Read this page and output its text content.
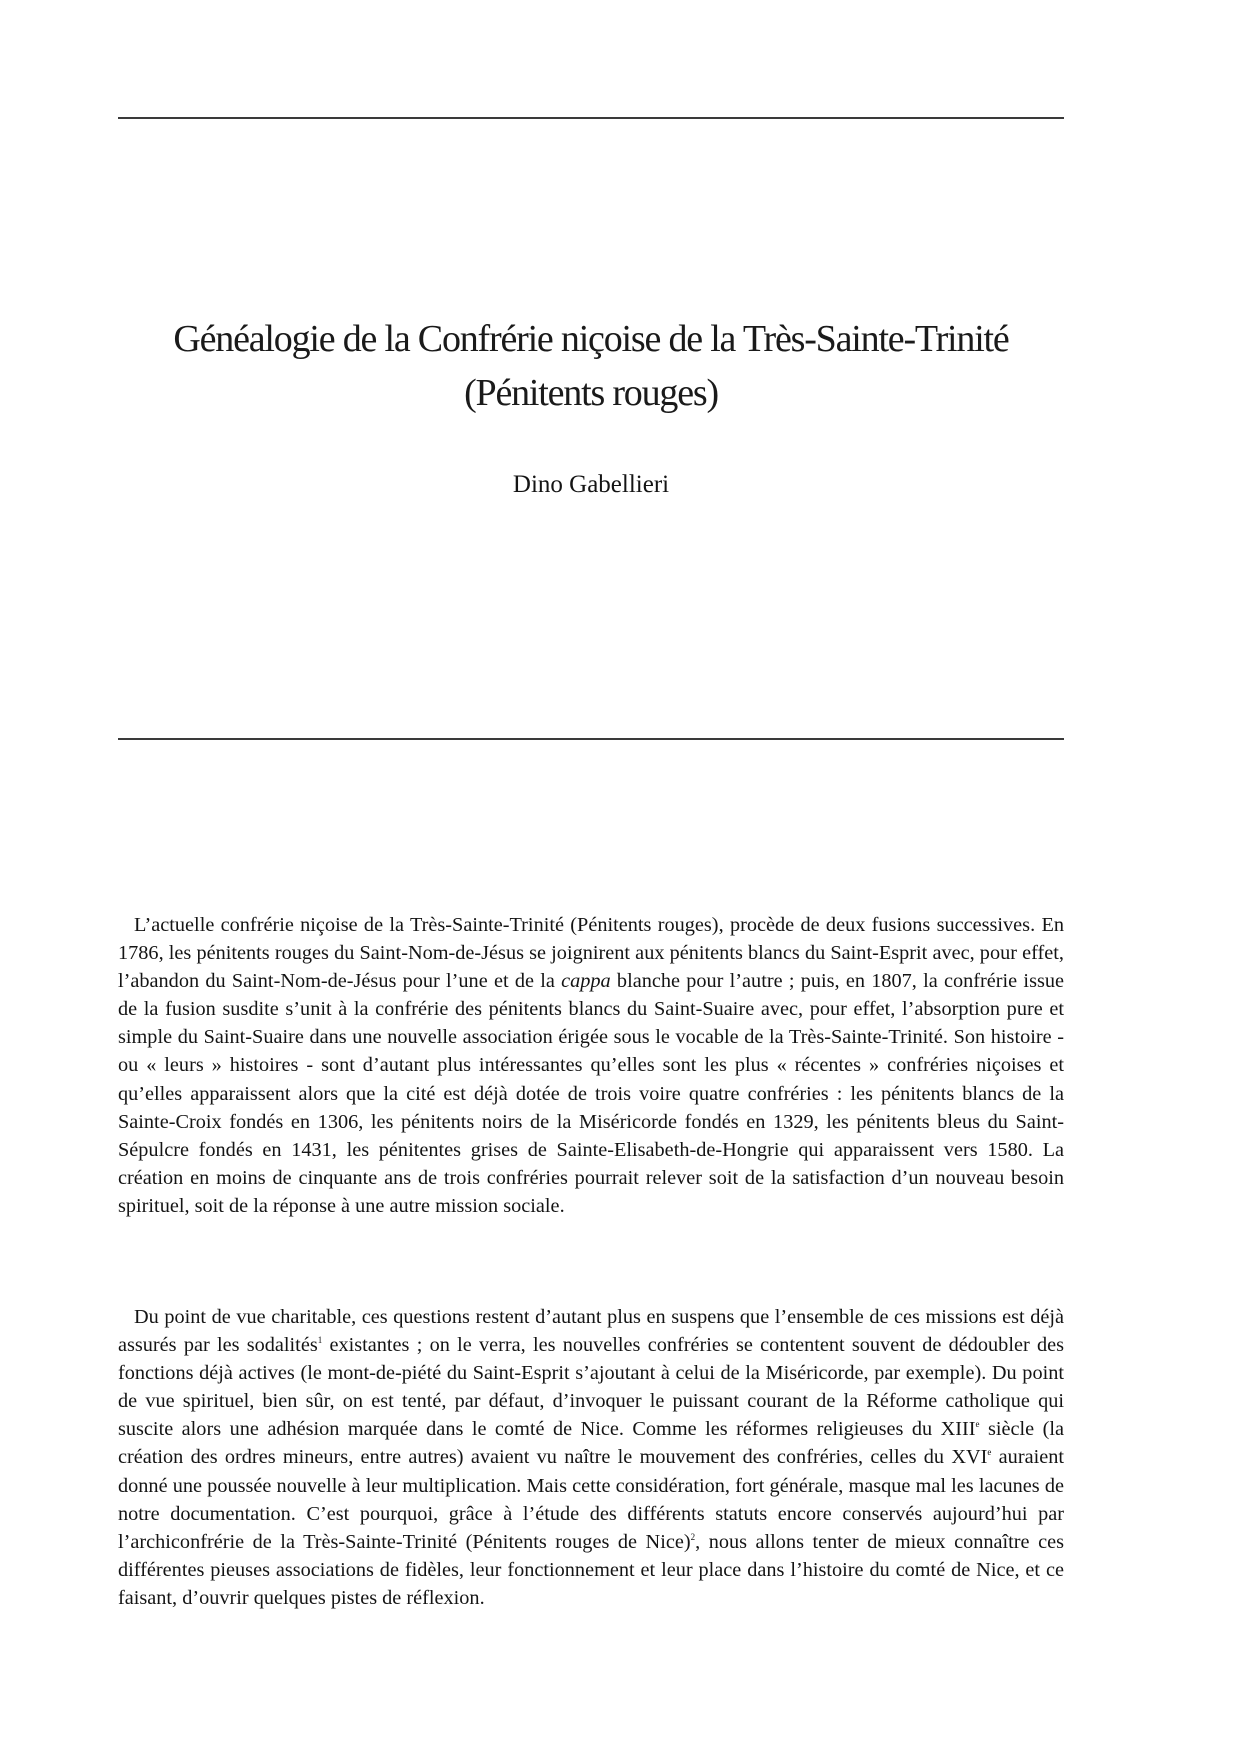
Généalogie de la Confrérie niçoise de la Très-Sainte-Trinité
(Pénitents rouges)
Dino Gabellieri

L’actuelle confrérie niçoise de la Très-Sainte-Trinité (Pénitents rouges), procède de deux fusions successives. En 1786, les pénitents rouges du Saint-Nom-de-Jésus se joignirent aux pénitents blancs du Saint-Esprit avec, pour effet, l’abandon du Saint-Nom-de-Jésus pour l’une et de la cappa blanche pour l’autre ; puis, en 1807, la confrérie issue de la fusion susdite s’unit à la confrérie des pénitents blancs du Saint-Suaire avec, pour effet, l’absorption pure et simple du Saint-Suaire dans une nouvelle association érigée sous le vocable de la Très-Sainte-Trinité. Son histoire - ou « leurs » histoires - sont d’autant plus intéressantes qu’elles sont les plus « récentes » confréries niçoises et qu’elles apparaissent alors que la cité est déjà dotée de trois voire quatre confréries : les pénitents blancs de la Sainte-Croix fondés en 1306, les pénitents noirs de la Miséricorde fondés en 1329, les pénitents bleus du Saint-Sépulcre fondés en 1431, les pénitentes grises de Sainte-Elisabeth-de-Hongrie qui apparaissent vers 1580. La création en moins de cinquante ans de trois confréries pourrait relever soit de la satisfaction d’un nouveau besoin spirituel, soit de la réponse à une autre mission sociale.

Du point de vue charitable, ces questions restent d’autant plus en suspens que l’ensemble de ces missions est déjà assurés par les sodalités$^1$ existantes ; on le verra, les nouvelles confréries se contentent souvent de dédoubler des fonctions déjà actives (le mont-de-piété du Saint-Esprit s’ajoutant à celui de la Miséricorde, par exemple). Du point de vue spirituel, bien sûr, on est tenté, par défaut, d’invoquer le puissant courant de la Réforme catholique qui suscite alors une adhésion marquée dans le comté de Nice. Comme les réformes religieuses du XIIIe siècle (la création des ordres mineurs, entre autres) avaient vu naître le mouvement des confréries, celles du XVIe auraient donné une poussée nouvelle à leur multiplication. Mais cette considération, fort générale, masque mal les lacunes de notre documentation. C’est pourquoi, grâce à l’étude des différents statuts encore conservés aujourd’hui par l’archiconfrérie de la Très-Sainte-Trinité (Pénitents rouges de Nice)$^2$, nous allons tenter de mieux connaître ces différentes pieuses associations de fidèles, leur fonctionnement et leur place dans l’histoire du comté de Nice, et ce faisant, d’ouvrir quelques pistes de réflexion.
